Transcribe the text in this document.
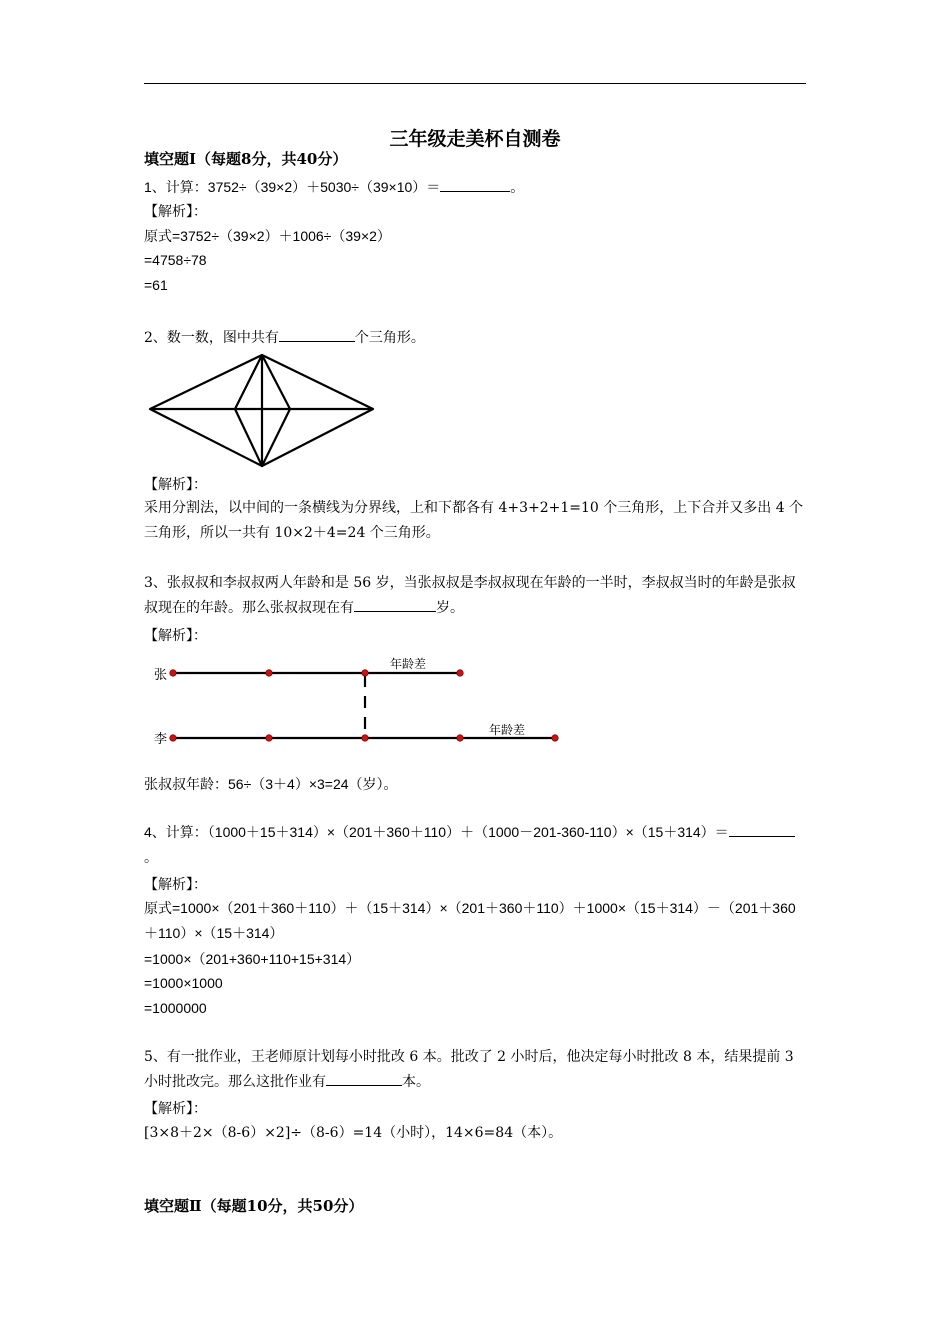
三年级走美杯自测卷
填空题Ⅰ（每题8分，共40分）
1、计算：3752÷（39×2）＋5030÷（39×10）＝	。
【解析】：
原式=3752÷（39×2）＋1006÷（39×2）
=4758÷78
=61
2、数一数，图中共有	个三角形。
【解析】：
采用分割法，以中间的一条横线为分界线，上和下都各有 4+3+2+1=10 个三角形，上下合并又多出 4 个三角形，所以一共有 10×2＋4=24 个三角形。
3、张叔叔和李叔叔两人年龄和是 56 岁，当张叔叔是李叔叔现在年龄的一半时，李叔叔当时的年龄是张叔叔现在的年龄。那么张叔叔现在有	岁。
【解析】：
张
李
年龄差
年龄差
张叔叔年龄：56÷（3＋4）×3=24（岁）。
4、计算：（1000＋15＋314）×（201＋360＋110）＋（1000－201-360-110）×（15＋314）＝。
【解析】：
原式=1000×（201＋360＋110）＋（15＋314）×（201＋360＋110）＋1000×（15＋314）－（201＋360＋110）×（15＋314）
=1000×（201+360+110+15+314）
=1000×1000
=1000000
5、有一批作业，王老师原计划每小时批改 6 本。批改了 2 小时后，他决定每小时批改 8 本，结果提前 3 小时批改完。那么这批作业有	本。
【解析】：
[3×8＋2×（8-6）×2]÷（8-6）=14（小时），14×6=84（本）。
填空题Ⅱ（每题10分，共50分）
